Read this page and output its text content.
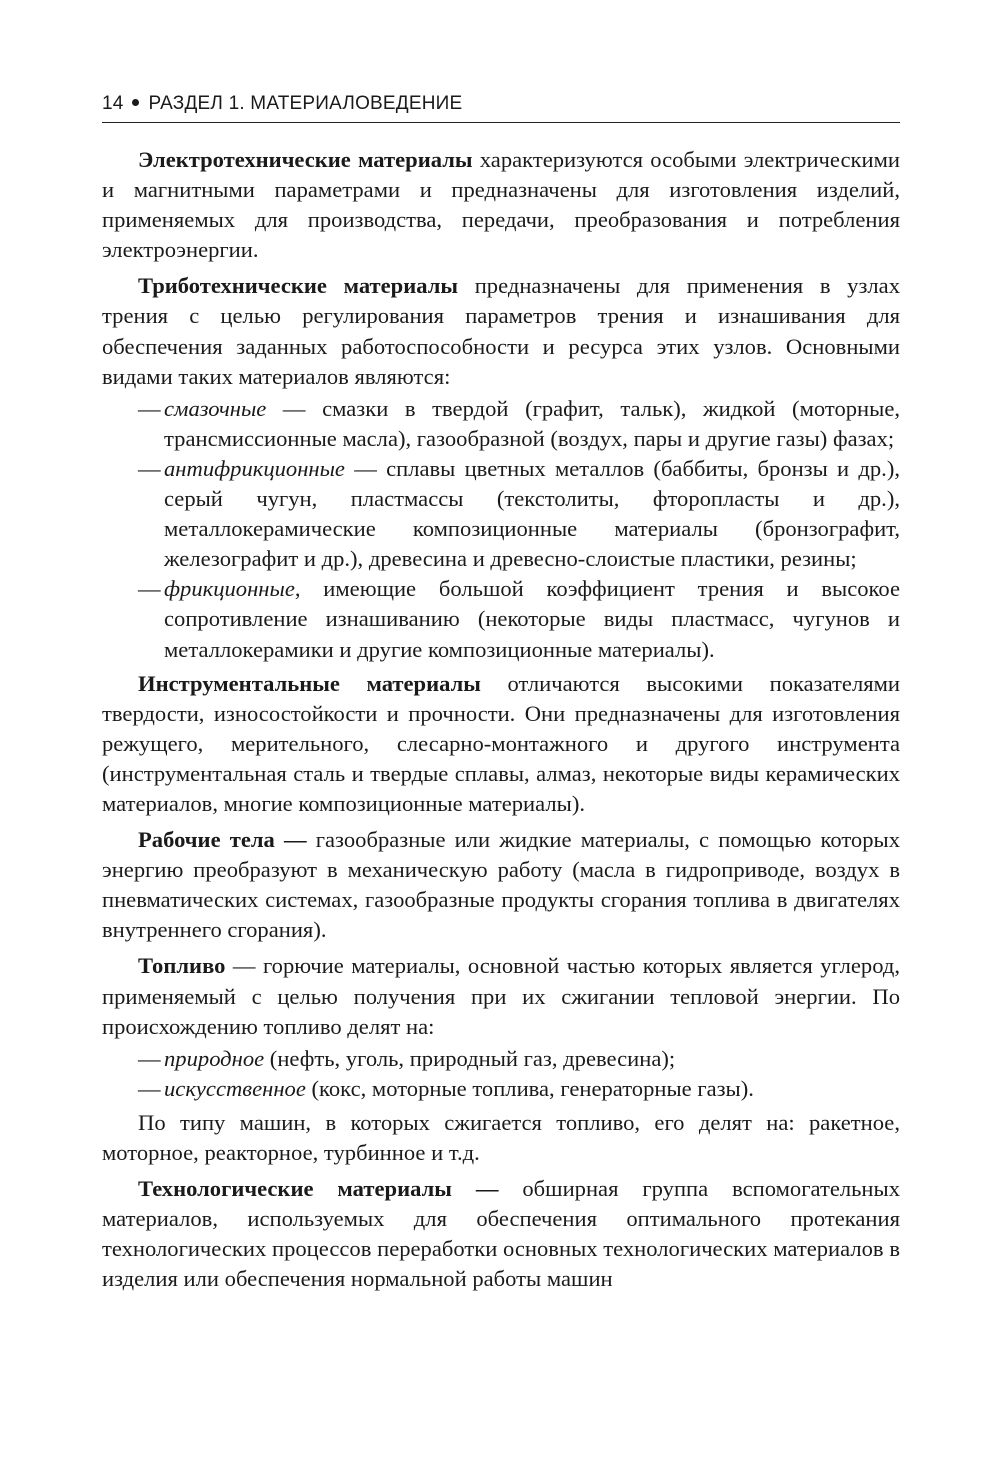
14 РАЗДЕЛ 1. МАТЕРИАЛОВЕДЕНИЕ

Электротехнические материалы характеризуются особыми электрическими и магнитными параметрами и предназначены для изготовления изделий, применяемых для производства, передачи, преобразования и потребления электроэнергии.

Триботехнические материалы предназначены для применения в узлах трения с целью регулирования параметров трения и изнашивания для обеспечения заданных работоспособности и ресурса этих узлов. Основными видами таких материалов являются:

— смазочные — смазки в твердой (графит, тальк), жидкой (моторные, трансмиссионные масла), газообразной (воздух, пары и другие газы) фазах;
— антифрикционные — сплавы цветных металлов (баббиты, бронзы и др.), серый чугун, пластмассы (текстолиты, фторопласты и др.), металлокерамические композиционные материалы (бронзографит, железографит и др.), древесина и древесно-слоистые пластики, резины;
— фрикционные, имеющие большой коэффициент трения и высокое сопротивление изнашиванию (некоторые виды пластмасс, чугунов и металлокерамики и другие композиционные материалы).

Инструментальные материалы отличаются высокими показателями твердости, износостойкости и прочности. Они предназначены для изготовления режущего, мерительного, слесарно-монтажного и другого инструмента (инструментальная сталь и твердые сплавы, алмаз, некоторые виды керамических материалов, многие композиционные материалы).

Рабочие тела — газообразные или жидкие материалы, с помощью которых энергию преобразуют в механическую работу (масла в гидроприводе, воздух в пневматических системах, газообразные продукты сгорания топлива в двигателях внутреннего сгорания).

Топливо — горючие материалы, основной частью которых является углерод, применяемый с целью получения при их сжигании тепловой энергии. По происхождению топливо делят на:

— природное (нефть, уголь, природный газ, древесина);
— искусственное (кокс, моторные топлива, генераторные газы).

По типу машин, в которых сжигается топливо, его делят на: ракетное, моторное, реакторное, турбинное и т.д.

Технологические материалы — обширная группа вспомогательных материалов, используемых для обеспечения оптимального протекания технологических процессов переработки основных технологических материалов в изделия или обеспечения нормальной работы машин
